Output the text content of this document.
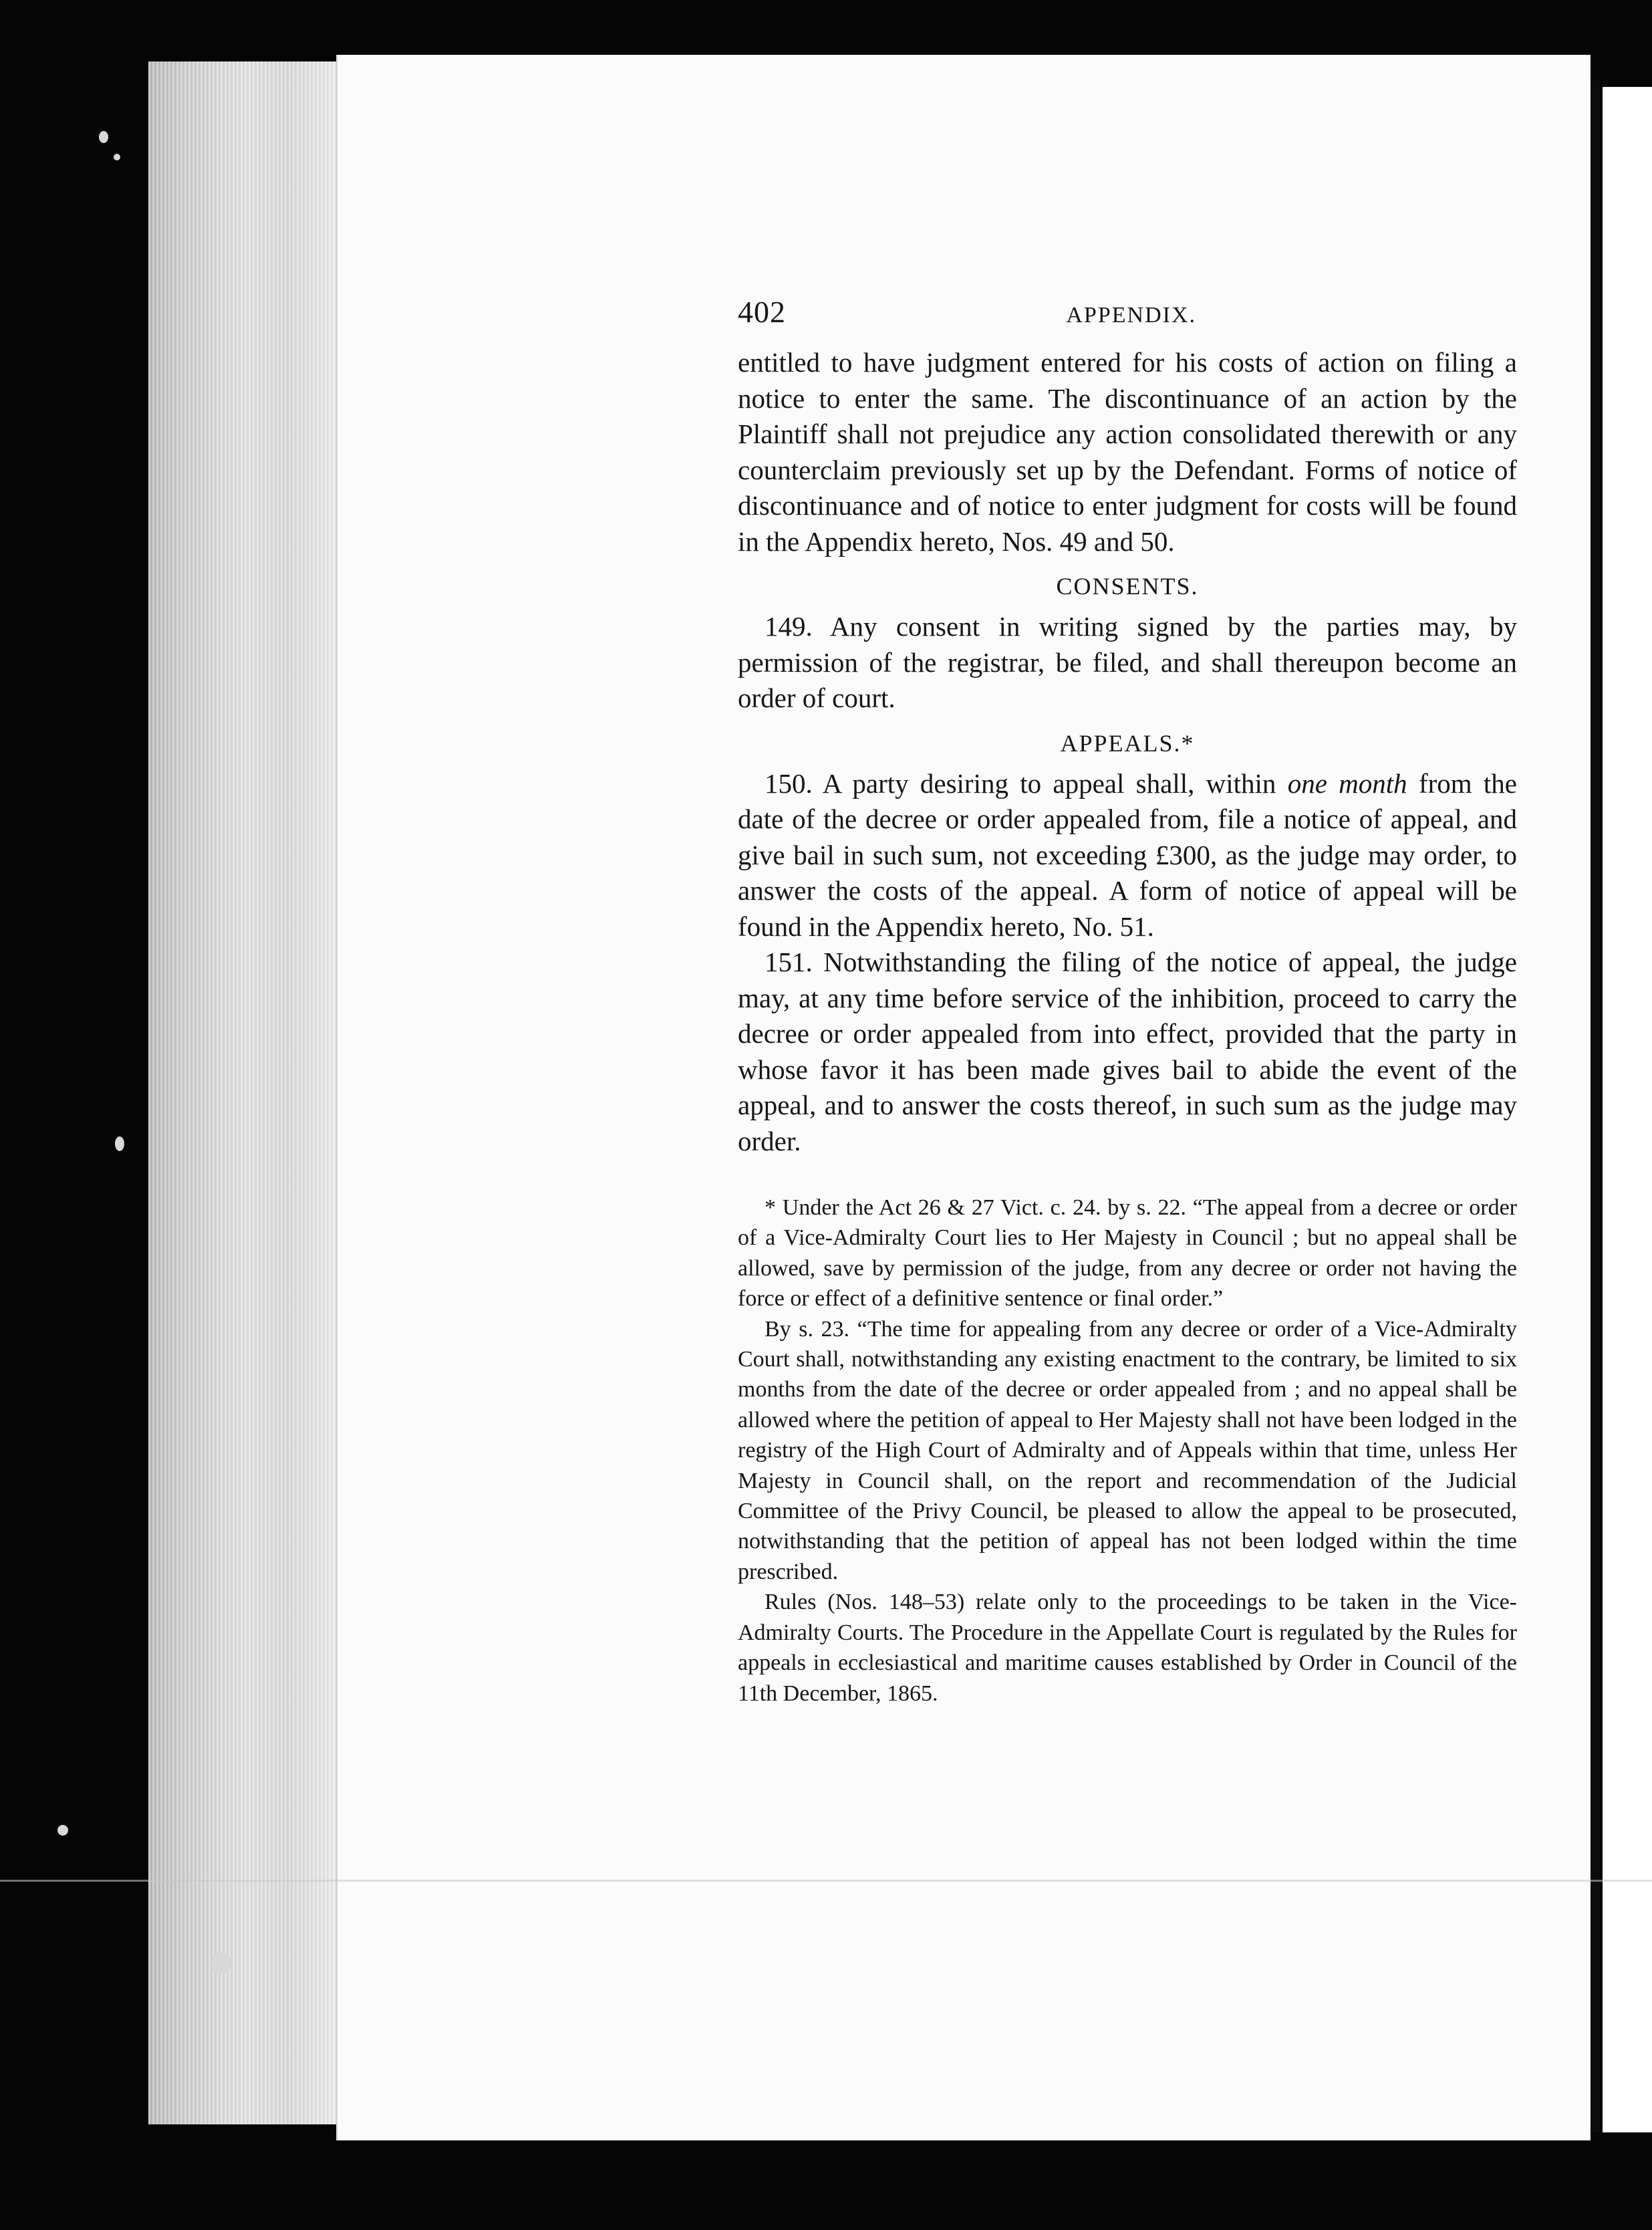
402	APPENDIX.

entitled to have judgment entered for his costs of action on filing a notice to enter the same. The discontinuance of an action by the Plaintiff shall not prejudice any action consolidated therewith or any counterclaim previously set up by the Defendant. Forms of notice of discontinuance and of notice to enter judgment for costs will be found in the Appendix hereto, Nos. 49 and 50.

CONSENTS.

149. Any consent in writing signed by the parties may, by permission of the registrar, be filed, and shall thereupon become an order of court.

APPEALS.*

150. A party desiring to appeal shall, within one month from the date of the decree or order appealed from, file a notice of appeal, and give bail in such sum, not exceeding £300, as the judge may order, to answer the costs of the appeal. A form of notice of appeal will be found in the Appendix hereto, No. 51.

151. Notwithstanding the filing of the notice of appeal, the judge may, at any time before service of the inhibition, proceed to carry the decree or order appealed from into effect, provided that the party in whose favor it has been made gives bail to abide the event of the appeal, and to answer the costs thereof, in such sum as the judge may order.

* Under the Act 26 & 27 Vict. c. 24. by s. 22. “The appeal from a decree or order of a Vice-Admiralty Court lies to Her Majesty in Council ; but no appeal shall be allowed, save by permission of the judge, from any decree or order not having the force or effect of a definitive sentence or final order.”

By s. 23. “The time for appealing from any decree or order of a Vice-Admiralty Court shall, notwithstanding any existing enactment to the contrary, be limited to six months from the date of the decree or order appealed from ; and no appeal shall be allowed where the petition of appeal to Her Majesty shall not have been lodged in the registry of the High Court of Admiralty and of Appeals within that time, unless Her Majesty in Council shall, on the report and recommendation of the Judicial Committee of the Privy Council, be pleased to allow the appeal to be prosecuted, notwithstanding that the petition of appeal has not been lodged within the time prescribed.

Rules (Nos. 148–53) relate only to the proceedings to be taken in the Vice-Admiralty Courts. The Procedure in the Appellate Court is regulated by the Rules for appeals in ecclesiastical and maritime causes established by Order in Council of the 11th December, 1865.
